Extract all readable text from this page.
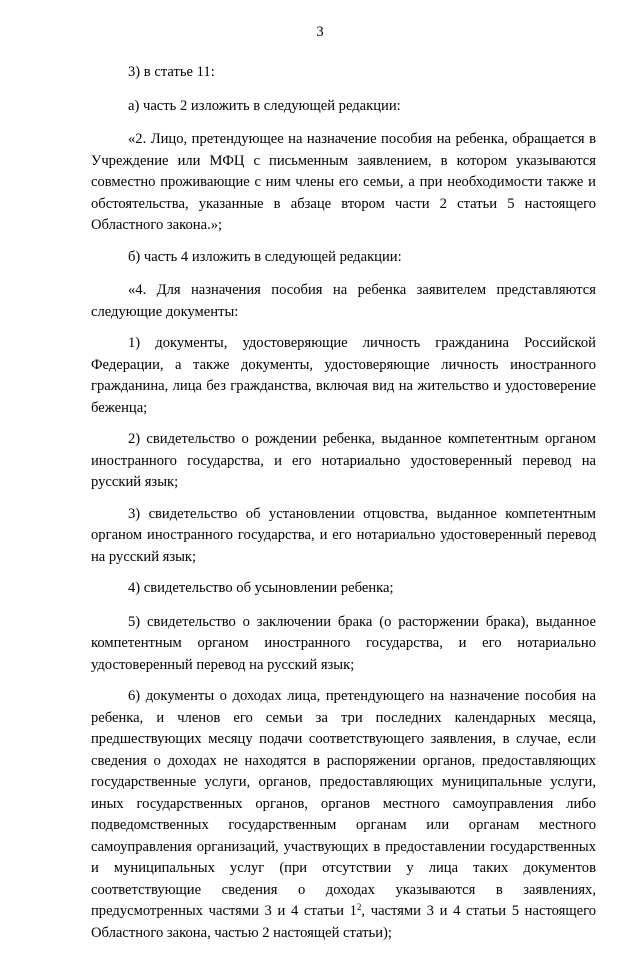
3

3) в статье 11:

а) часть 2 изложить в следующей редакции:

«2. Лицо, претендующее на назначение пособия на ребенка, обращается в Учреждение или МФЦ с письменным заявлением, в котором указываются совместно проживающие с ним члены его семьи, а при необходимости также и обстоятельства, указанные в абзаце втором части 2 статьи 5 настоящего Областного закона.»;

б) часть 4 изложить в следующей редакции:

«4. Для назначения пособия на ребенка заявителем представляются следующие документы:

1) документы, удостоверяющие личность гражданина Российской Федерации, а также документы, удостоверяющие личность иностранного гражданина, лица без гражданства, включая вид на жительство и удостоверение беженца;

2) свидетельство о рождении ребенка, выданное компетентным органом иностранного государства, и его нотариально удостоверенный перевод на русский язык;

3) свидетельство об установлении отцовства, выданное компетентным органом иностранного государства, и его нотариально удостоверенный перевод на русский язык;

4) свидетельство об усыновлении ребенка;

5) свидетельство о заключении брака (о расторжении брака), выданное компетентным органом иностранного государства, и его нотариально удостоверенный перевод на русский язык;

6) документы о доходах лица, претендующего на назначение пособия на ребенка, и членов его семьи за три последних календарных месяца, предшествующих месяцу подачи соответствующего заявления, в случае, если сведения о доходах не находятся в распоряжении органов, предоставляющих государственные услуги, органов, предоставляющих муниципальные услуги, иных государственных органов, органов местного самоуправления либо подведомственных государственным органам или органам местного самоуправления организаций, участвующих в предоставлении государственных и муниципальных услуг (при отсутствии у лица таких документов соответствующие сведения о доходах указываются в заявлениях, предусмотренных частями 3 и 4 статьи $1^2$, частями 3 и 4 статьи 5 настоящего Областного закона, частью 2 настоящей статьи);
